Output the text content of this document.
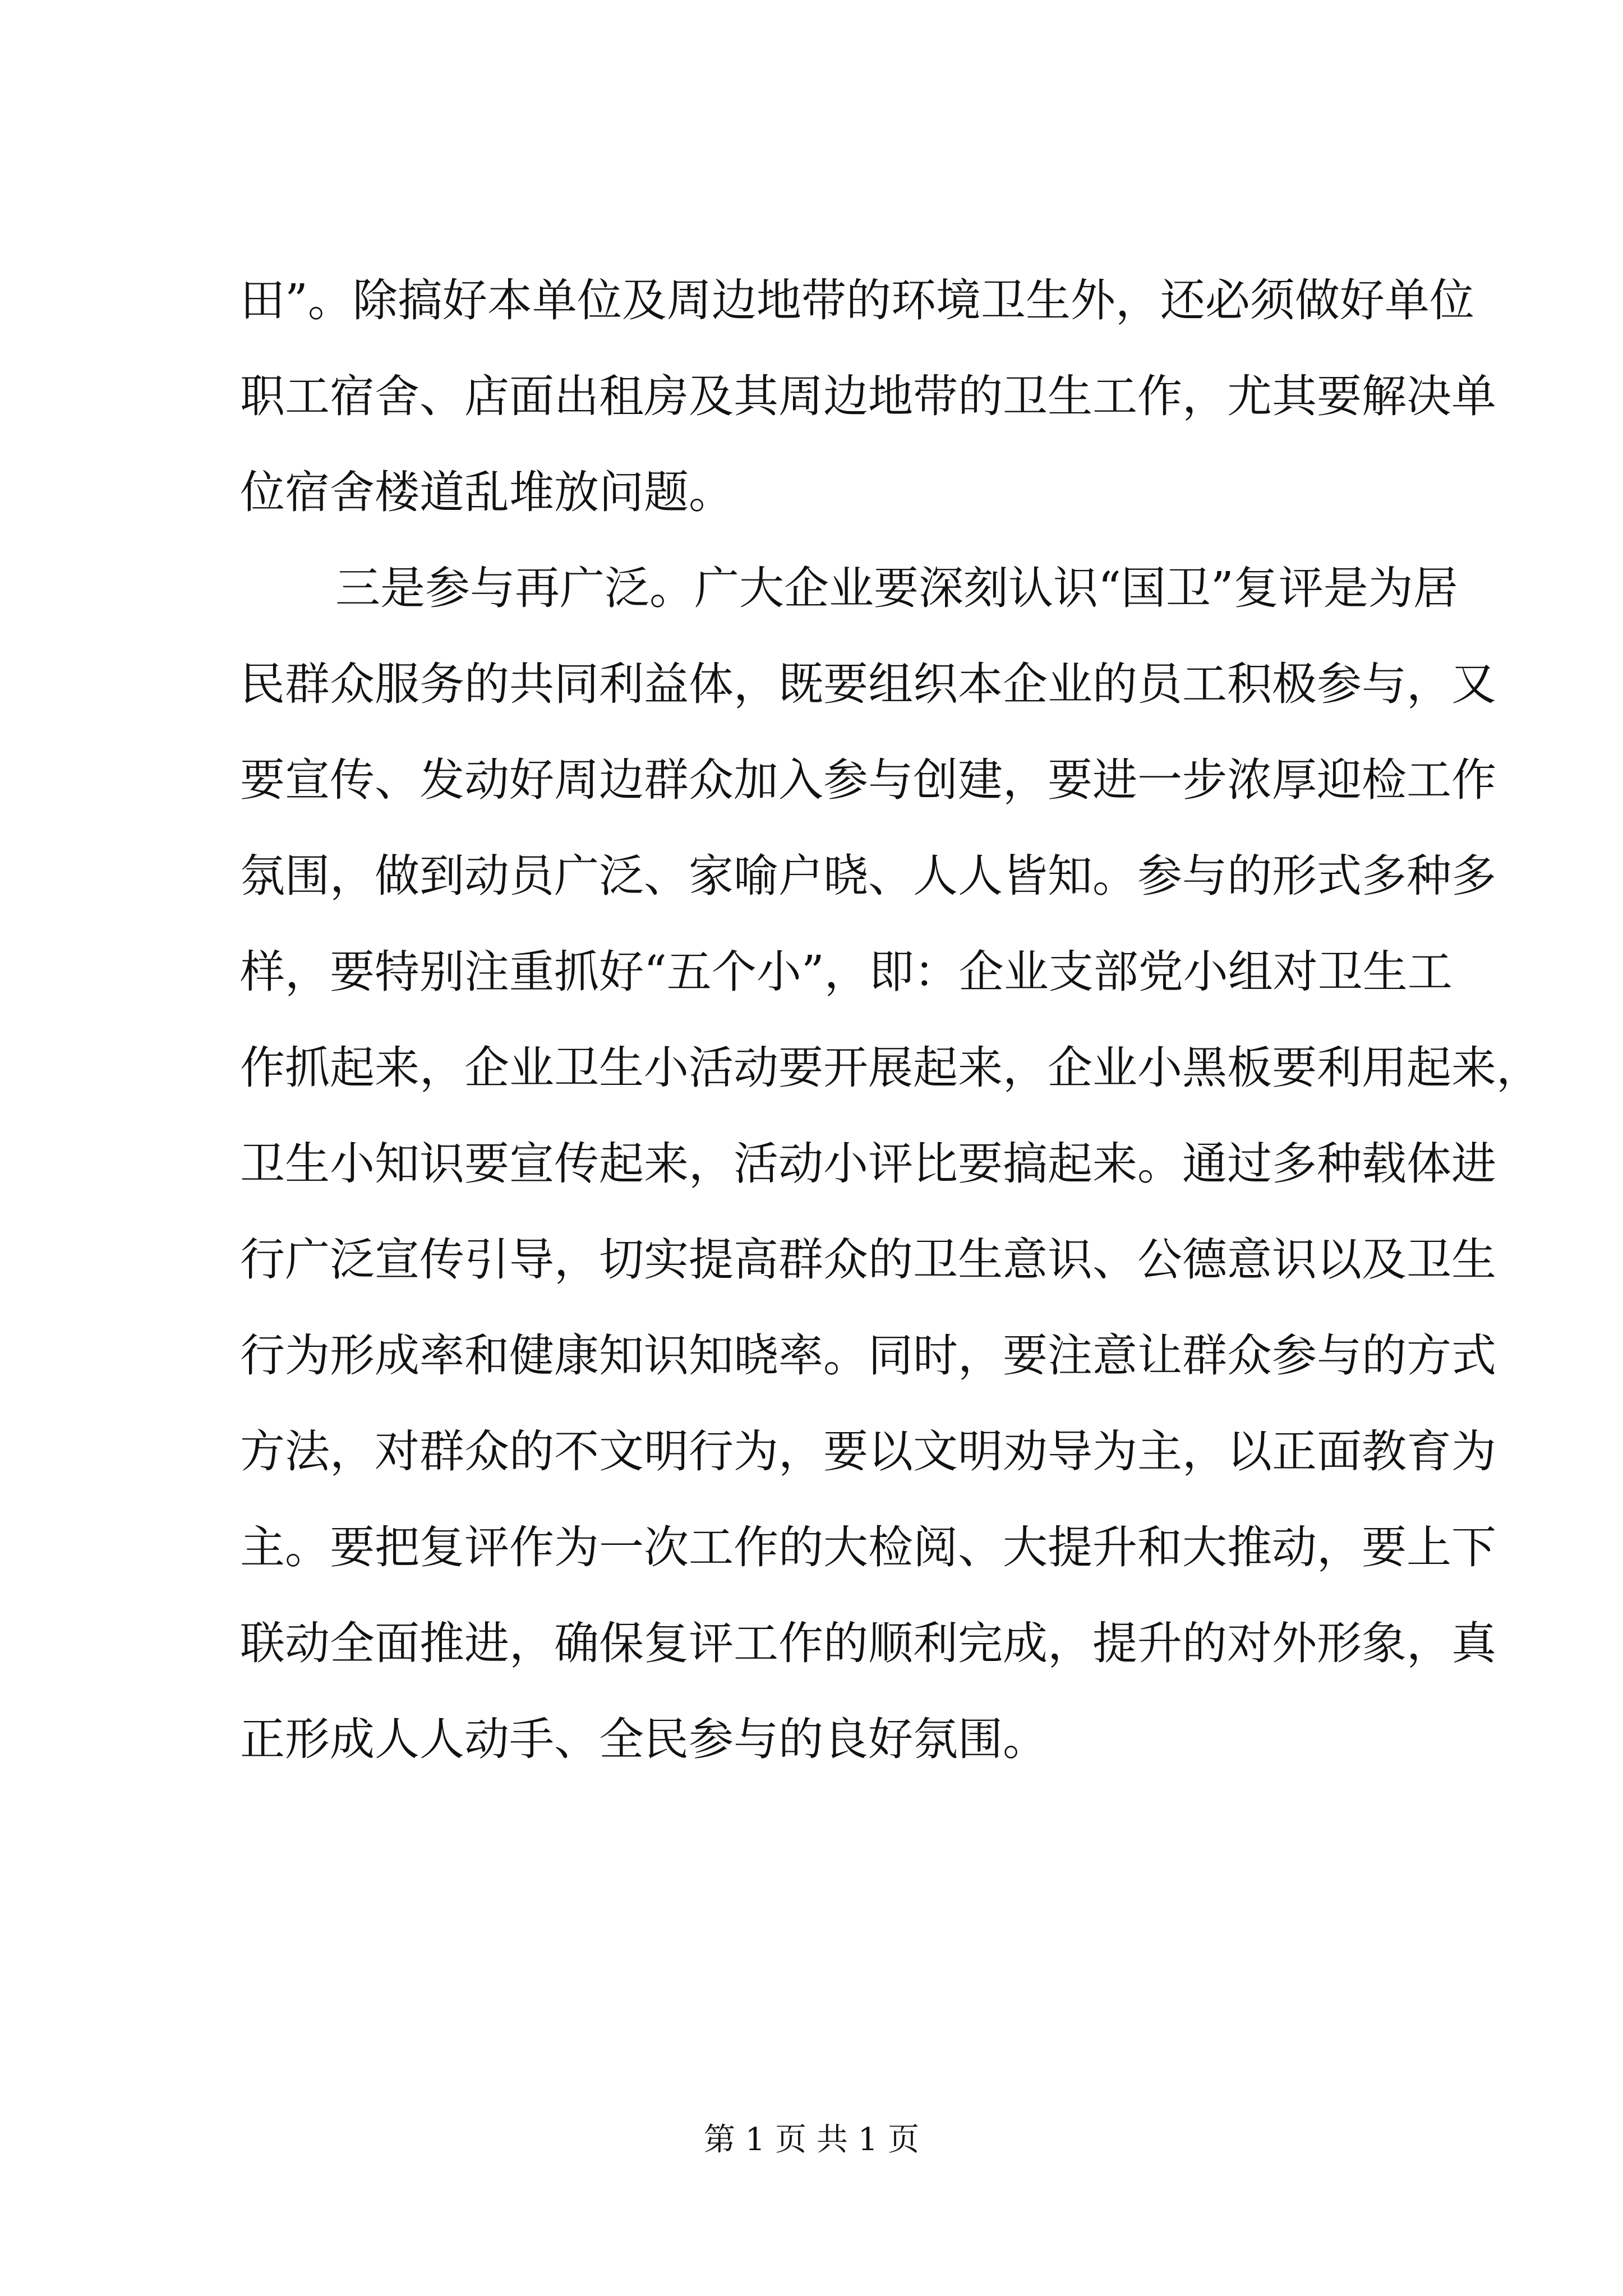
田”。除搞好本单位及周边地带的环境卫生外，还必须做好单位
职工宿舍、店面出租房及其周边地带的卫生工作，尤其要解决单
位宿舍楼道乱堆放问题。
三是参与再广泛。广大企业要深刻认识“国卫”复评是为居
民群众服务的共同利益体，既要组织本企业的员工积极参与，又
要宣传、发动好周边群众加入参与创建，要进一步浓厚迎检工作
氛围，做到动员广泛、家喻户晓、人人皆知。参与的形式多种多
样，要特别注重抓好“五个小”，即：企业支部党小组对卫生工
作抓起来，企业卫生小活动要开展起来，企业小黑板要利用起来，
卫生小知识要宣传起来，活动小评比要搞起来。通过多种载体进
行广泛宣传引导，切实提高群众的卫生意识、公德意识以及卫生
行为形成率和健康知识知晓率。同时，要注意让群众参与的方式
方法，对群众的不文明行为，要以文明劝导为主，以正面教育为
主。要把复评作为一次工作的大检阅、大提升和大推动，要上下
联动全面推进，确保复评工作的顺利完成，提升的对外形象，真
正形成人人动手、全民参与的良好氛围。
第 1 页 共 1 页
